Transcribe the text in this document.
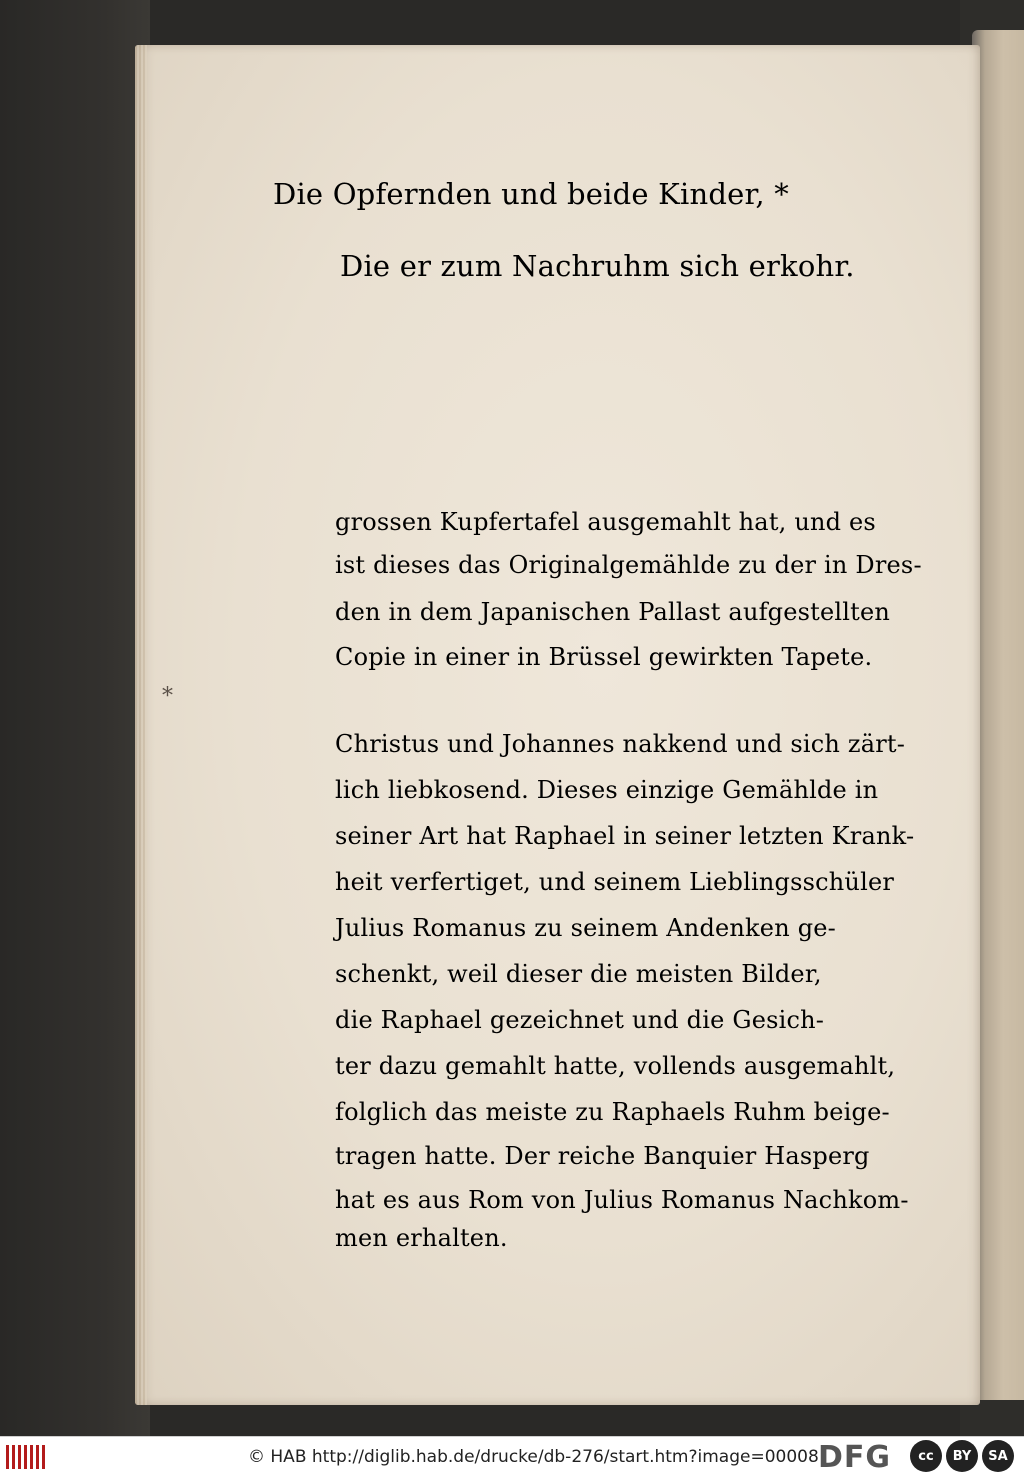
Die Opfernden und beide Kinder, *

Die er zum Nachruhm sich erkohr.

grossen Kupfertafel ausgemahlt hat, und es

ist dieses das Originalgemählde zu der in Dres-

den in dem Japanischen Pallast aufgestellten

Copie in einer in Brüssel gewirkten Tapete.

*

Christus und Johannes nakkend und sich zärt-

lich liebkosend. Dieses einzige Gemählde in

seiner Art hat Raphael in seiner letzten Krank-

heit verfertiget, und seinem Lieblingsschüler

Julius Romanus zu seinem Andenken ge-

schenkt, weil dieser die meisten Bilder,

die Raphael gezeichnet und die Gesich-

ter dazu gemahlt hatte, vollends ausgemahlt,

folglich das meiste zu Raphaels Ruhm beige-

tragen hatte. Der reiche Banquier Hasperg

hat es aus Rom von Julius Romanus Nachkom-

men erhalten.

© HAB http://diglib.hab.de/drucke/db-276/start.htm?image=00008 DFG	cc	BY	SA
